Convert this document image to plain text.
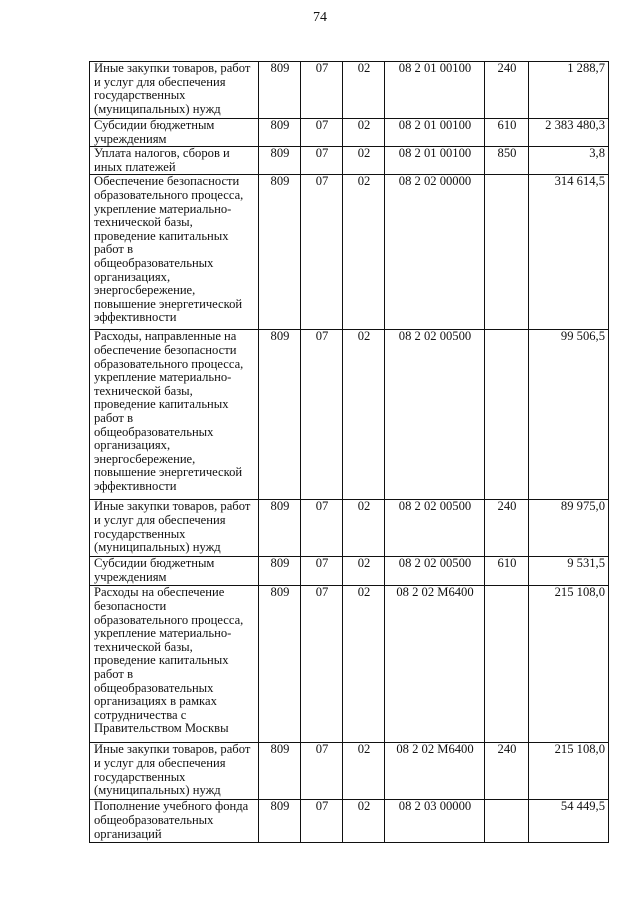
74
Иные закупки товаров, работ и услуг для обеспечения государственных (муниципальных) нужд	809	07	02	08 2 01 00100	240	1 288,7
Субсидии бюджетным учреждениям	809	07	02	08 2 01 00100	610	2 383 480,3
Уплата налогов, сборов и иных платежей	809	07	02	08 2 01 00100	850	3,8
Обеспечение безопасности образовательного процесса, укрепление материально-технической базы, проведение капитальных работ в общеобразовательных организациях, энергосбережение, повышение энергетической эффективности	809	07	02	08 2 02 00000		314 614,5
Расходы, направленные на обеспечение безопасности образовательного процесса, укрепление материально-технической базы, проведение капитальных работ в общеобразовательных организациях, энергосбережение, повышение энергетической эффективности	809	07	02	08 2 02 00500		99 506,5
Иные закупки товаров, работ и услуг для обеспечения государственных (муниципальных) нужд	809	07	02	08 2 02 00500	240	89 975,0
Субсидии бюджетным учреждениям	809	07	02	08 2 02 00500	610	9 531,5
Расходы на обеспечение безопасности образовательного процесса, укрепление материально-технической базы, проведение капитальных работ в общеобразовательных организациях в рамках сотрудничества с Правительством Москвы	809	07	02	08 2 02 М6400		215 108,0
Иные закупки товаров, работ и услуг для обеспечения государственных (муниципальных) нужд	809	07	02	08 2 02 М6400	240	215 108,0
Пополнение учебного фонда общеобразовательных организаций	809	07	02	08 2 03 00000		54 449,5
